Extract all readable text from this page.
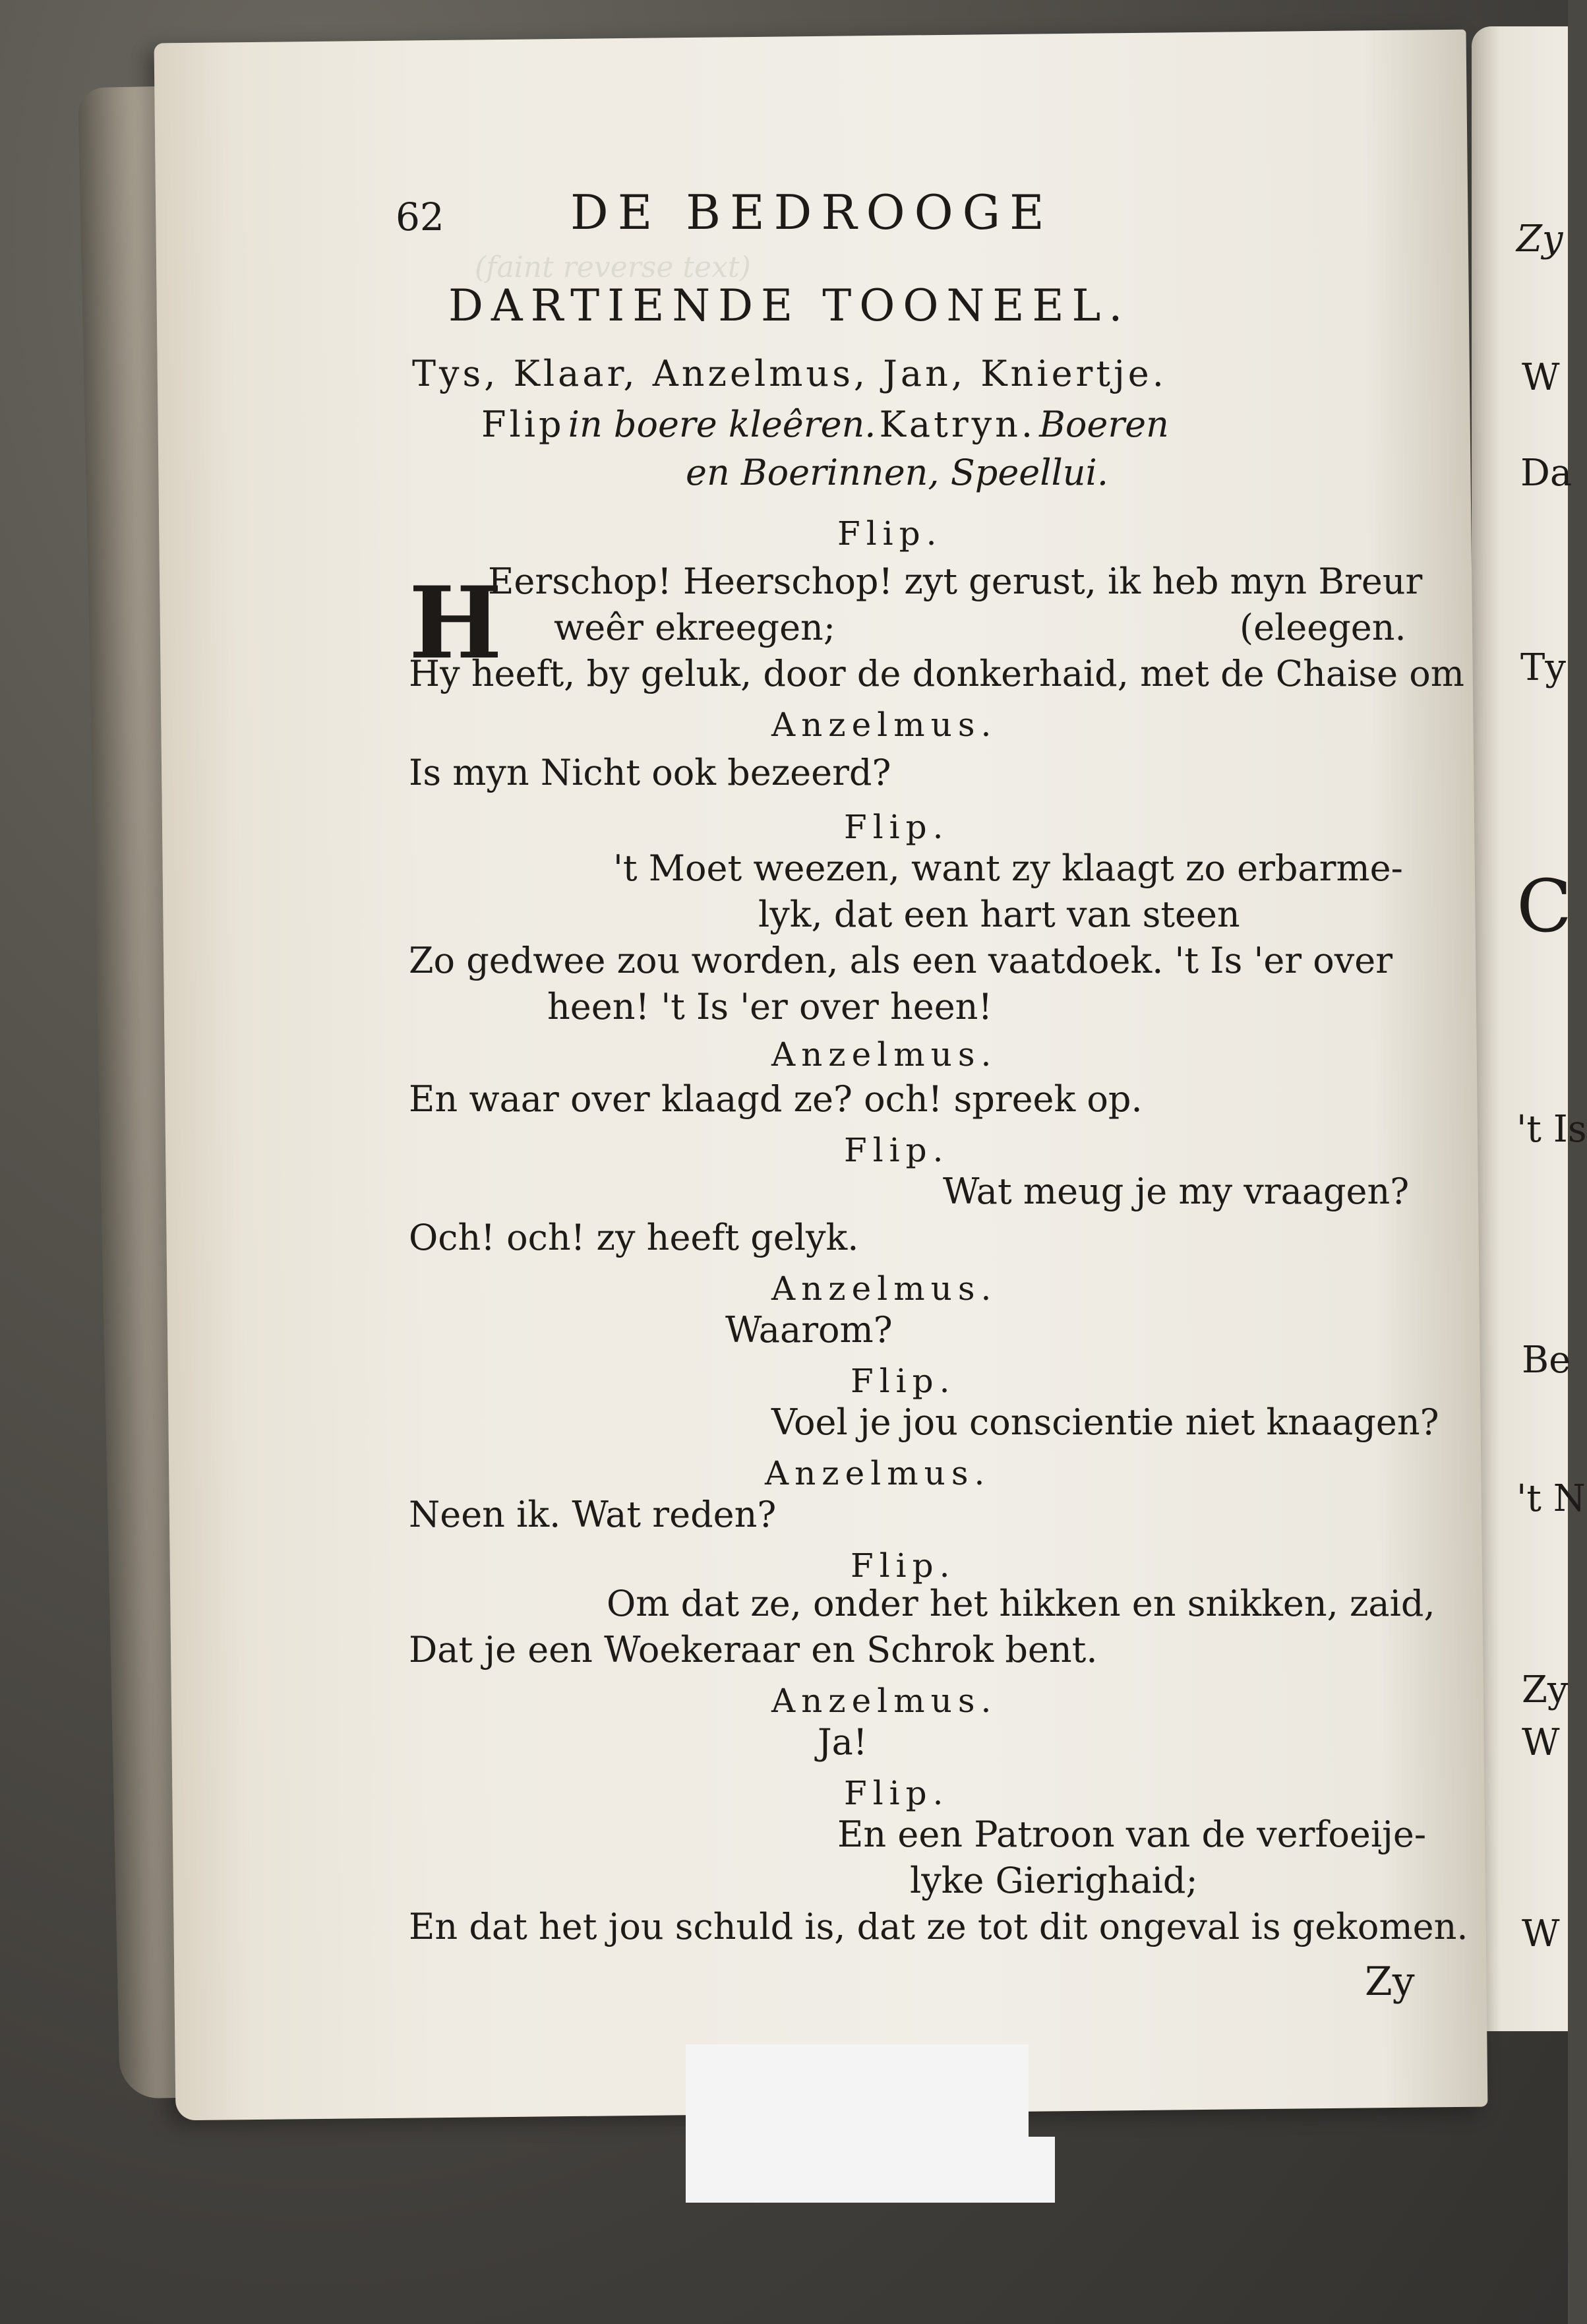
(faint reverse text)
Zy
W
Da
Ty
C
't Is
Be
't N
Zy
W
W
62	DE BEDROOGE
DARTIENDE TOONEEL.
Tys, Klaar, Anzelmus, Jan, Kniertje.
Flip in boere kleêren. Katryn. Boeren
en Boerinnen, Speellui.
Flip.
H
Eerschop! Heerschop! zyt gerust, ik heb myn Breur
weêr ekreegen;	(eleegen.
Hy heeft, by geluk, door de donkerhaid, met de Chaise om
Anzelmus.
Is myn Nicht ook bezeerd?
Flip.
't Moet weezen, want zy klaagt zo erbarme-
lyk, dat een hart van steen
Zo gedwee zou worden, als een vaatdoek. 't Is 'er over
heen! 't Is 'er over heen!
Anzelmus.
En waar over klaagd ze? och! spreek op.
Flip.
Wat meug je my vraagen?
Och! och! zy heeft gelyk.
Anzelmus.
Waarom?
Flip.
Voel je jou conscientie niet knaagen?
Anzelmus.
Neen ik. Wat reden?
Flip.
Om dat ze, onder het hikken en snikken, zaid,
Dat je een Woekeraar en Schrok bent.
Anzelmus.
Ja!
Flip.
En een Patroon van de verfoeije-
lyke Gierighaid;
En dat het jou schuld is, dat ze tot dit ongeval is gekomen.
Zy
